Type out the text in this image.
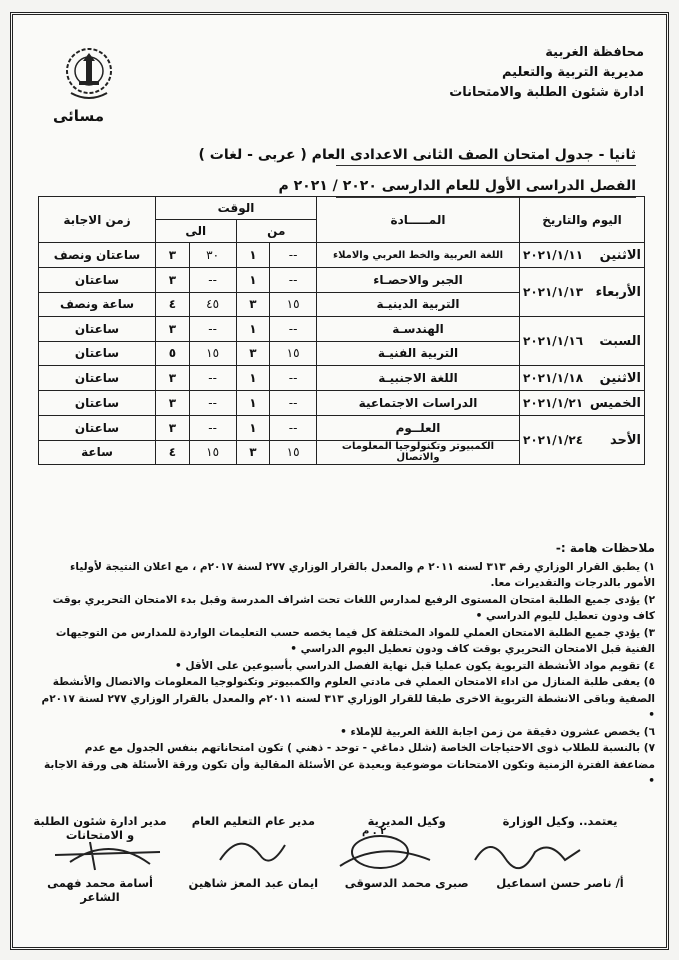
محافظة الغربية
مديرية التربية والتعليم
ادارة شئون الطلبة والامتحانات
مسائى
ثانيا - جدول امتحان الصف الثانى الاعدادى العام ( عربى - لغات )
الفصل الدراسى الأول للعام الدارسى ٢٠٢٠ / ٢٠٢١ م
اليوم والتاريخ	المـــــادة	الوقت				زمن الاجابة
		من		الى		

الاثنين
٢٠٢١/١/١١	اللغة العربية والخط العربي والاملاء	--	١	٣٠	٣	ساعتان ونصف

الأربعاء
٢٠٢١/١/١٣	الجبر والاحصـاء	--	١	--	٣	ساعتان
	التربية الدينيـة	١٥	٣	٤٥	٤	ساعة ونصف

السبت
٢٠٢١/١/١٦	الهندسـة	--	١	--	٣	ساعتان
	التربية الفنيـة	١٥	٣	١٥	٥	ساعتان

الاثنين
٢٠٢١/١/١٨	اللغة الاجنبيـة	--	١	--	٣	ساعتان

الخميس
٢٠٢١/١/٢١	الدراسات الاجتماعية	--	١	--	٣	ساعتان

الأحد
٢٠٢١/١/٢٤	العلــوم	--	١	--	٣	ساعتان
	الكمبيوتر وتكنولوجيا المعلومات والاتصال	١٥	٣	١٥	٤	ساعة
ملاحظات هامة :-
١) يطبق القرار الوزاري رقم ٣١٣ لسنه ٢٠١١ م والمعدل بالقرار الوزاري ٢٧٧ لسنة ٢٠١٧م ، مع اعلان النتيجة لأولياء الأمور بالدرجات والتقديرات معا.
٢) يؤدى جميع الطلبة امتحان المستوى الرفيع لمدارس اللغات تحت اشراف المدرسة وقبل بدء الامتحان التحريري بوقت كاف ودون تعطيل لليوم الدراسي •
٣) يؤدي جميع الطلبة الامتحان العملي للمواد المختلفة كل فيما يخصه حسب التعليمات الواردة للمدارس من التوجيهات الفنية قبل الامتحان التحريري بوقت كاف ودون تعطيل اليوم الدراسي •
٤) تقويم مواد الأنشطة التربوية يكون عمليا قبل نهاية الفصل الدراسي بأسبوعين على الأقل •
٥) يعفى طلبة المنازل من اداء الامتحان العملي فى مادتي العلوم والكمبيوتر وتكنولوجيا المعلومات والاتصال والأنشطة الصفية وباقى الانشطة التربوية الاخرى طبقا للقرار الوزاري ٣١٣ لسنه ٢٠١١م والمعدل بالقرار الوزاري ٢٧٧ لسنة ٢٠١٧م •
٦) يخصص عشرون دقيقة من زمن اجابة اللغة العربية للإملاء •
٧) بالنسبة للطلاب ذوى الاحتياجات الخاصة (شلل دماغي - توحد - ذهني ) تكون امتحاناتهم بنفس الجدول مع عدم مضاعفة الفترة الزمنية وتكون الامتحانات موضوعية وبعيدة عن الأسئلة المقالية وأن تكون ورقة الأسئلة هى ورقة الاجابة •
مدير ادارة شئون الطلبة و الامتحانات
مدير عام التعليم العام	وكيل المديرية	يعتمد.. وكيل الوزارة
٢ . م
أسامة محمد فهمى الشاعر
ايمان عبد المعز شاهين	صبرى محمد الدسوقى	أ/ ناصر حسن اسماعيل
